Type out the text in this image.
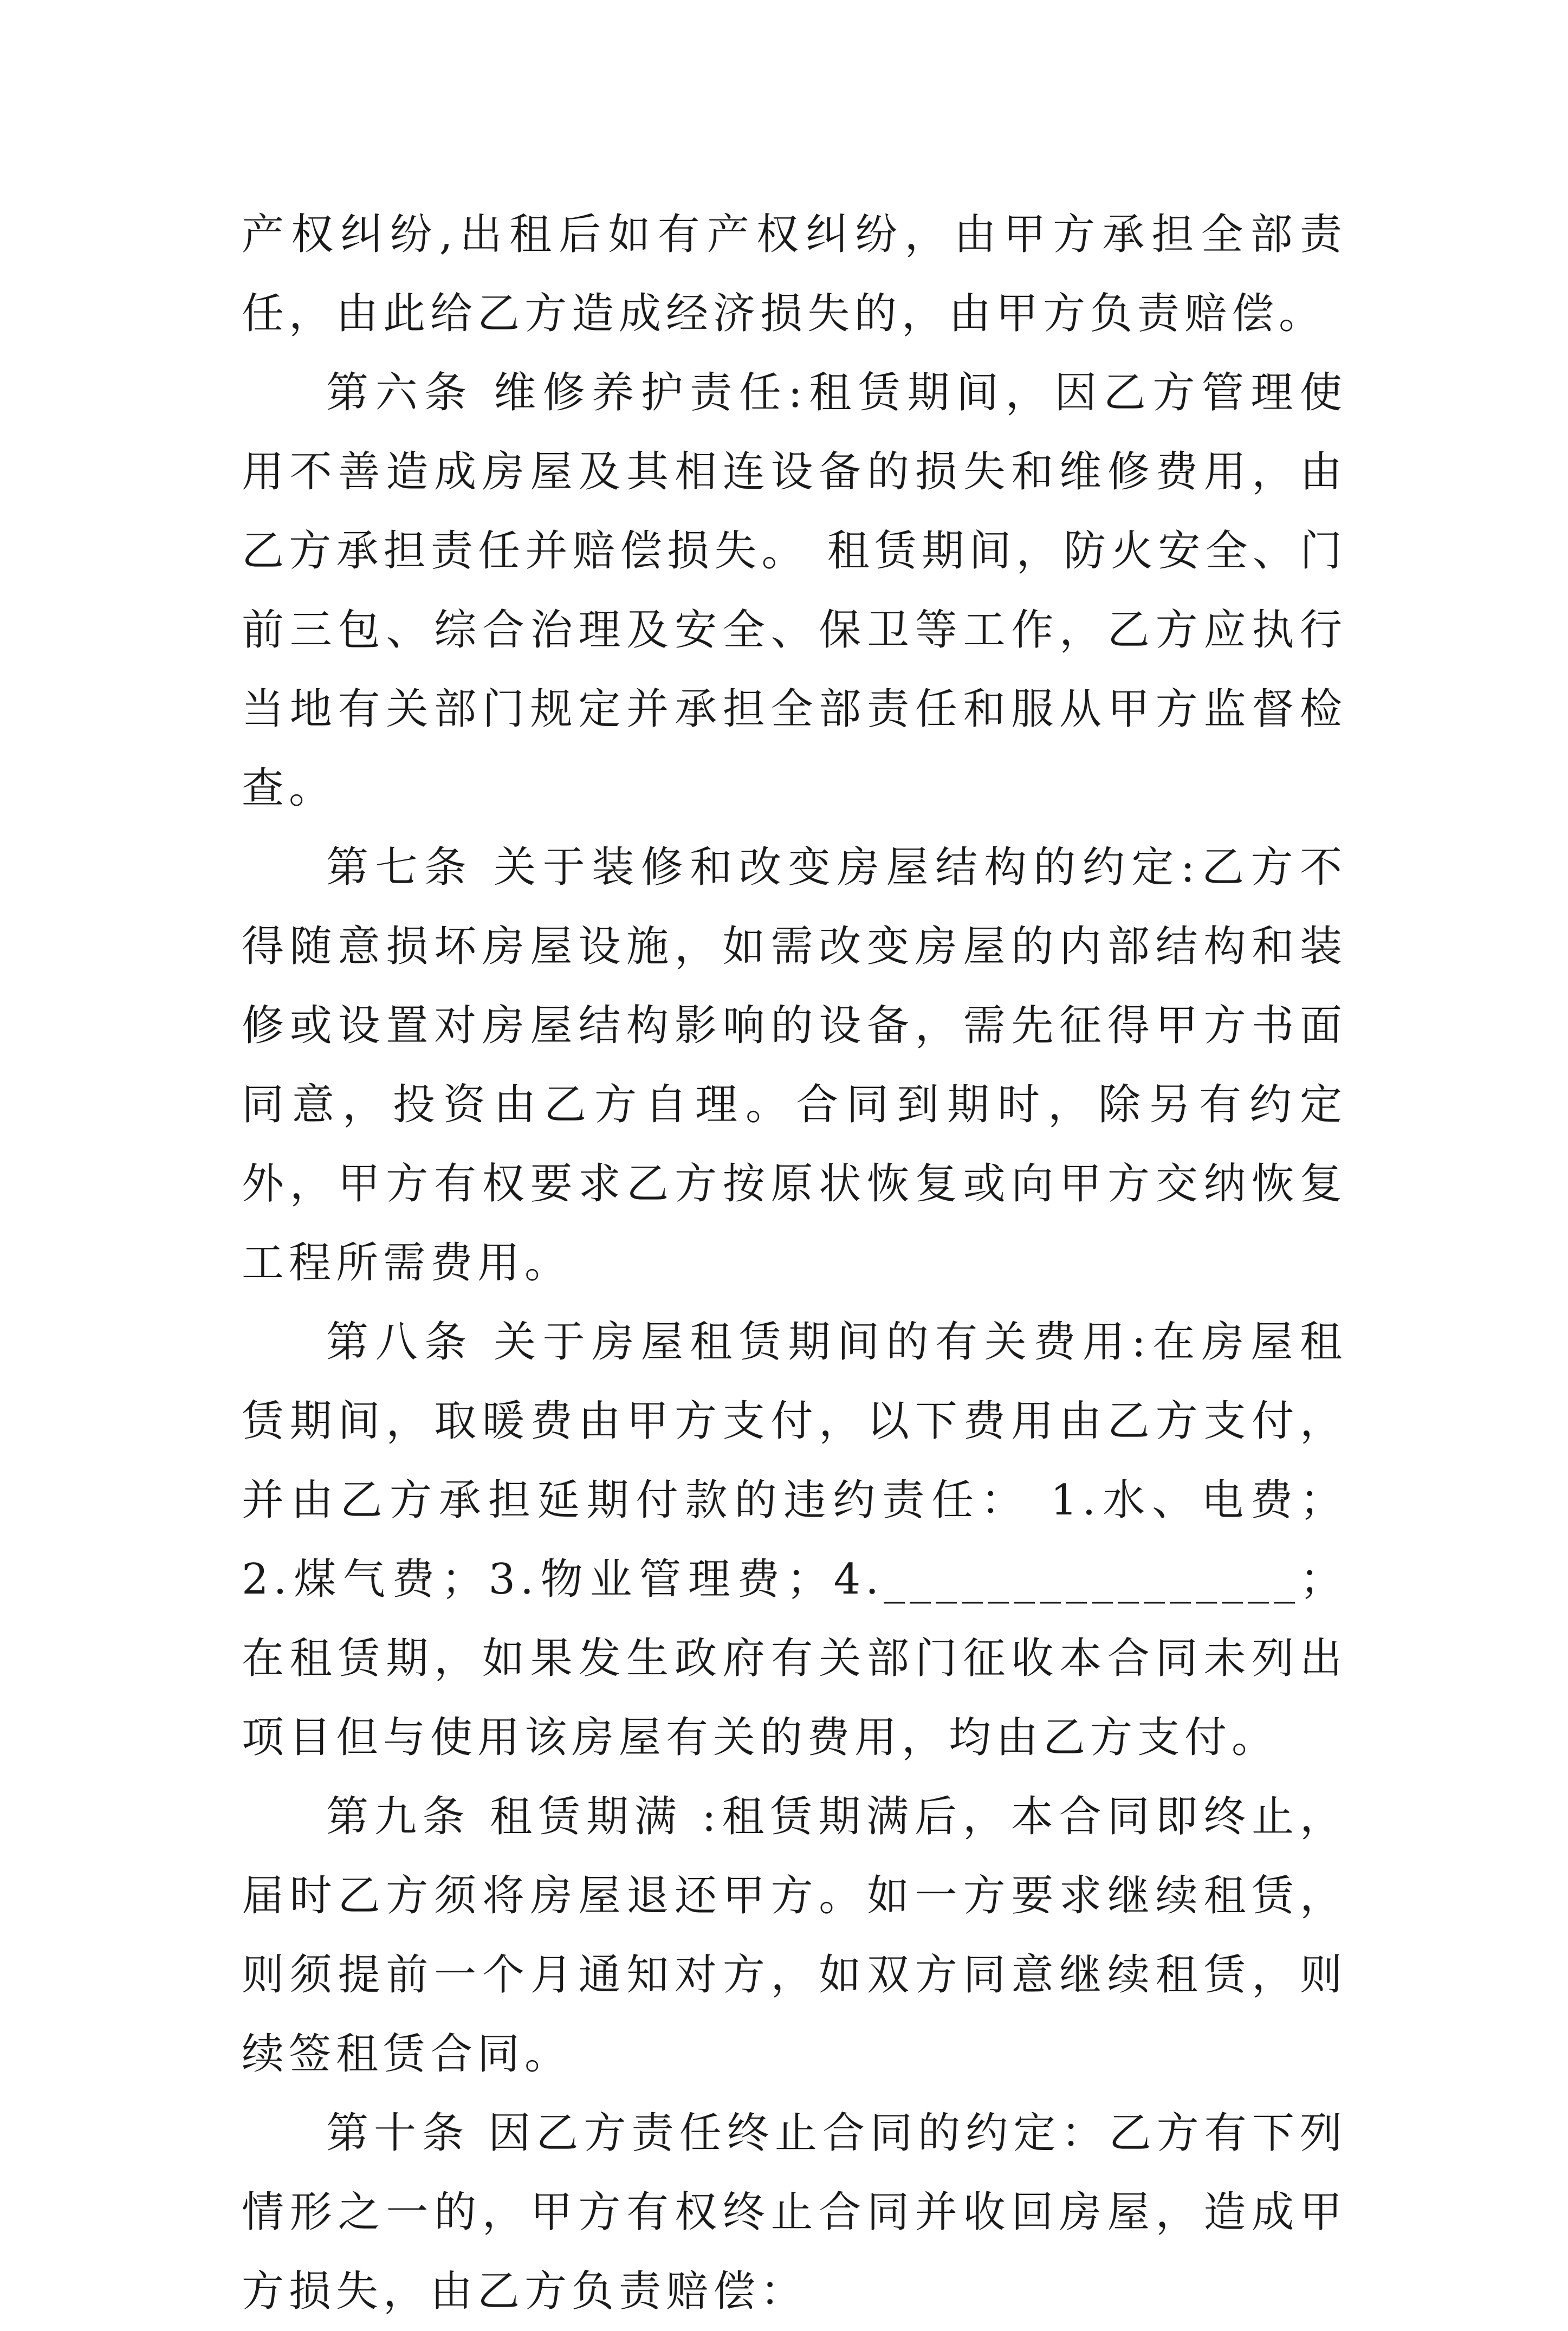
产权纠纷,出租后如有产权纠纷，由甲方承担全部责任，由此给乙方造成经济损失的，由甲方负责赔偿。

第六条 维修养护责任:租赁期间，因乙方管理使用不善造成房屋及其相连设备的损失和维修费用，由乙方承担责任并赔偿损失。 租赁期间，防火安全、门前三包、综合治理及安全、保卫等工作，乙方应执行当地有关部门规定并承担全部责任和服从甲方监督检查。

第七条 关于装修和改变房屋结构的约定:乙方不得随意损坏房屋设施，如需改变房屋的内部结构和装修或设置对房屋结构影响的设备，需先征得甲方书面同意，投资由乙方自理。合同到期时，除另有约定外，甲方有权要求乙方按原状恢复或向甲方交纳恢复工程所需费用。

第八条 关于房屋租赁期间的有关费用:在房屋租赁期间，取暖费由甲方支付，以下费用由乙方支付，并由乙方承担延期付款的违约责任： 1.水、电费；2.煤气费；3.物业管理费；4.________________；在租赁期，如果发生政府有关部门征收本合同未列出项目但与使用该房屋有关的费用，均由乙方支付。

第九条 租赁期满 :租赁期满后，本合同即终止，届时乙方须将房屋退还甲方。如一方要求继续租赁，则须提前一个月通知对方，如双方同意继续租赁，则续签租赁合同。

第十条 因乙方责任终止合同的约定：乙方有下列情形之一的，甲方有权终止合同并收回房屋，造成甲方损失，由乙方负责赔偿：
